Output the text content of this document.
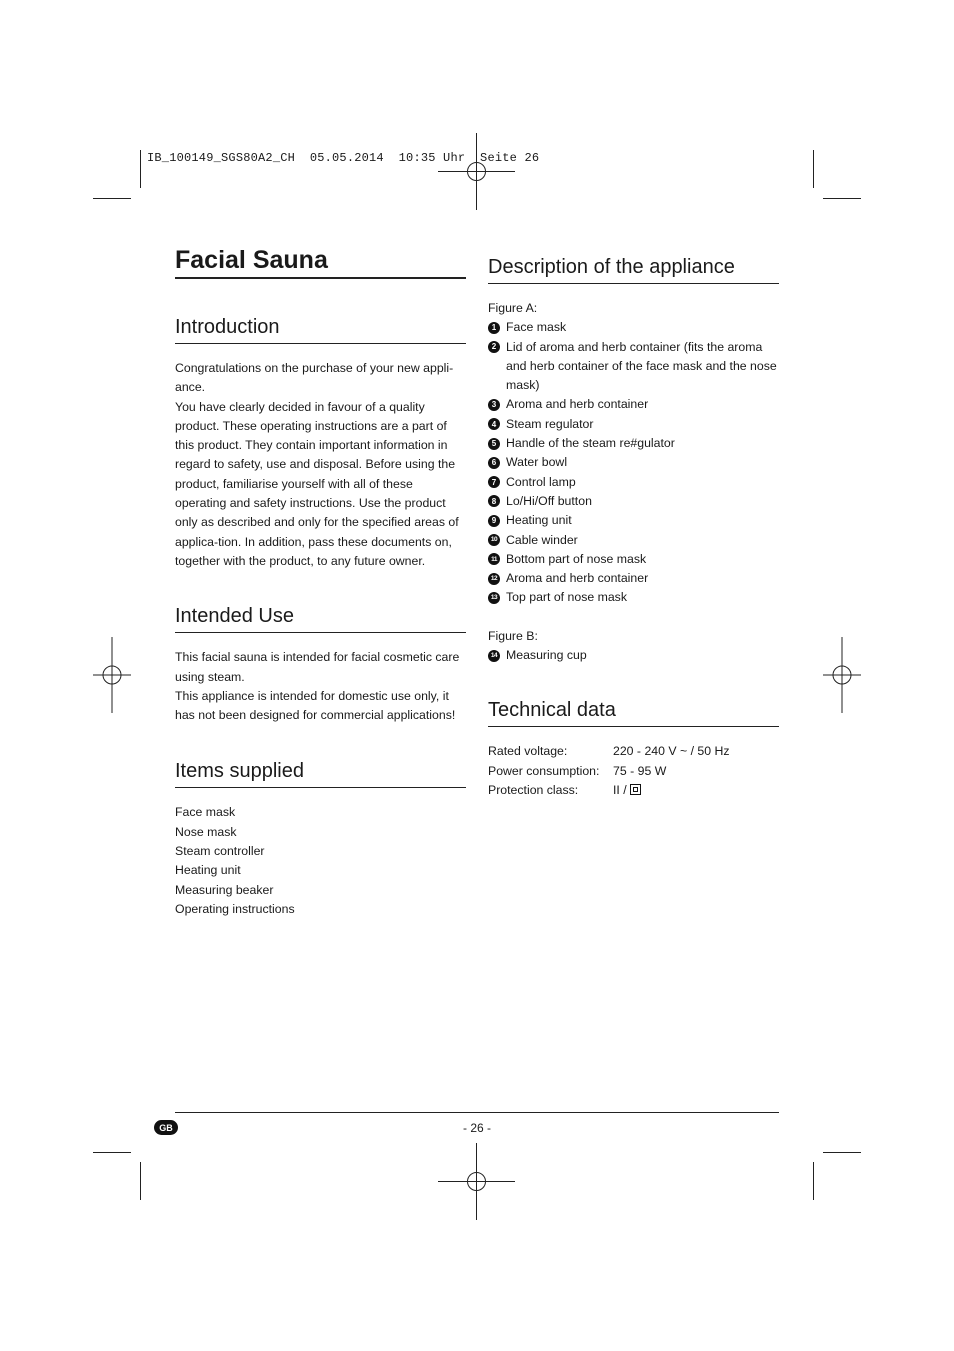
IB_100149_SGS80A2_CH  05.05.2014  10:35 Uhr  Seite 26
Facial Sauna
Introduction

Congratulations on the purchase of your new appli-ance.

You have clearly decided in favour of a quality product. These operating instructions are a part of this product. They contain important information in regard to safety, use and disposal. Before using the product, familiarise yourself with all of these operating and safety instructions. Use the product only as described and only for the specified areas of applica-tion. In addition, pass these documents on, together with the product, to any future owner.

Intended Use

This facial sauna is intended for facial cosmetic care using steam.

This appliance is intended for domestic use only, it has not been designed for commercial applications!

Items supplied
Face mask
Nose mask
Steam controller
Heating unit
Measuring beaker
Operating instructions
Description of the appliance
Figure A:
1 Face mask
2 Lid of aroma and herb container (fits the aroma and herb container of the face mask and the nose mask)
3 Aroma and herb container
4 Steam regulator
5 Handle of the steam re#gulator
6 Water bowl
7 Control lamp
8 Lo/Hi/Off button
9 Heating unit
10 Cable winder
11 Bottom part of nose mask
12 Aroma and herb container
13 Top part of nose mask
Figure B:
14 Measuring cup
Technical data
Rated voltage:	220 - 240 V ~ / 50 Hz
Power consumption:	75 - 95 W
Protection class:	II /
GB	- 26 -
